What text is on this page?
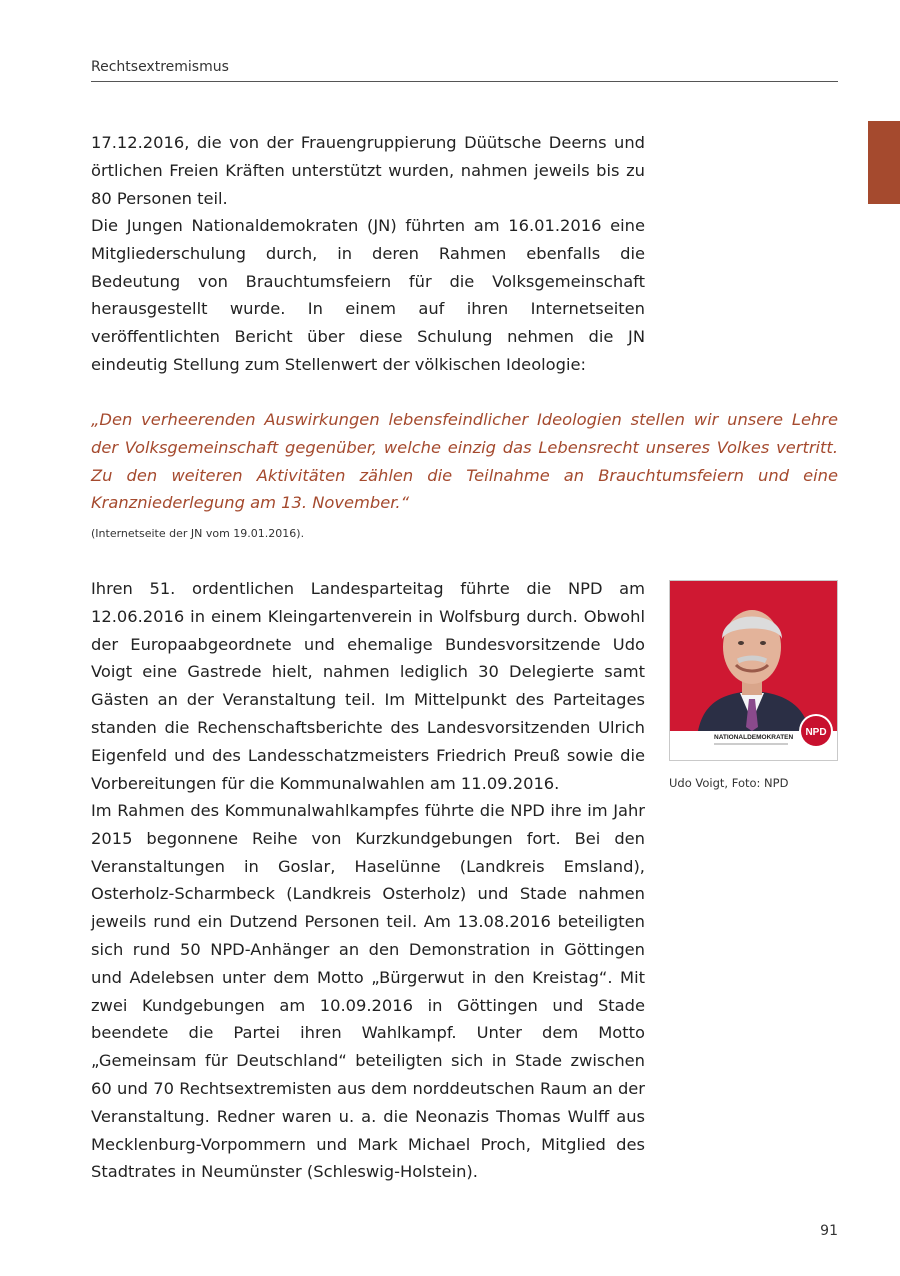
Rechtsextremismus

17.12.2016, die von der Frauengruppierung Düütsche Deerns und örtlichen Freien Kräften unterstützt wurden, nahmen jeweils bis zu 80 Personen teil.

Die Jungen Nationaldemokraten (JN) führten am 16.01.2016 eine Mitgliederschulung durch, in deren Rahmen ebenfalls die Bedeutung von Brauchtumsfeiern für die Volksgemeinschaft herausgestellt wurde. In einem auf ihren Internetseiten veröffentlichten Bericht über diese Schulung nehmen die JN eindeutig Stellung zum Stellenwert der völkischen Ideologie:

„Den verheerenden Auswirkungen lebensfeindlicher Ideologien stellen wir unsere Lehre der Volksgemeinschaft gegenüber, welche einzig das Lebensrecht unseres Volkes vertritt. Zu den weiteren Aktivitäten zählen die Teilnahme an Brauchtumsfeiern und eine Kranzniederlegung am 13. November.“

(Internetseite der JN vom 19.01.2016).

Ihren 51. ordentlichen Landesparteitag führte die NPD am 12.06.2016 in einem Kleingartenverein in Wolfsburg durch. Obwohl der Europaabgeordnete und ehemalige Bundesvorsitzende Udo Voigt eine Gastrede hielt, nahmen lediglich 30 Delegierte samt Gästen an der Veranstaltung teil. Im Mittelpunkt des Parteitages standen die Rechenschaftsberichte des Landesvorsitzenden Ulrich Eigenfeld und des Landesschatzmeisters Friedrich Preuß sowie die Vorbereitungen für die Kommunalwahlen am 11.09.2016.

NATIONALDEMOKRATEN NPD
Udo Voigt, Foto: NPD

Im Rahmen des Kommunalwahlkampfes führte die NPD ihre im Jahr 2015 begonnene Reihe von Kurzkundgebungen fort. Bei den Veranstaltungen in Goslar, Haselünne (Landkreis Emsland), Osterholz-Scharmbeck (Landkreis Osterholz) und Stade nahmen jeweils rund ein Dutzend Personen teil. Am 13.08.2016 beteiligten sich rund 50 NPD-Anhänger an den Demonstration in Göttingen und Adelebsen unter dem Motto „Bürgerwut in den Kreistag“. Mit zwei Kundgebungen am 10.09.2016 in Göttingen und Stade beendete die Partei ihren Wahlkampf. Unter dem Motto „Gemeinsam für Deutschland“ beteiligten sich in Stade zwischen 60 und 70 Rechtsextremisten aus dem norddeutschen Raum an der Veranstaltung. Redner waren u. a. die Neonazis Thomas Wulff aus Mecklenburg-Vorpommern und Mark Michael Proch, Mitglied des Stadtrates in Neumünster (Schleswig-Holstein).

91
